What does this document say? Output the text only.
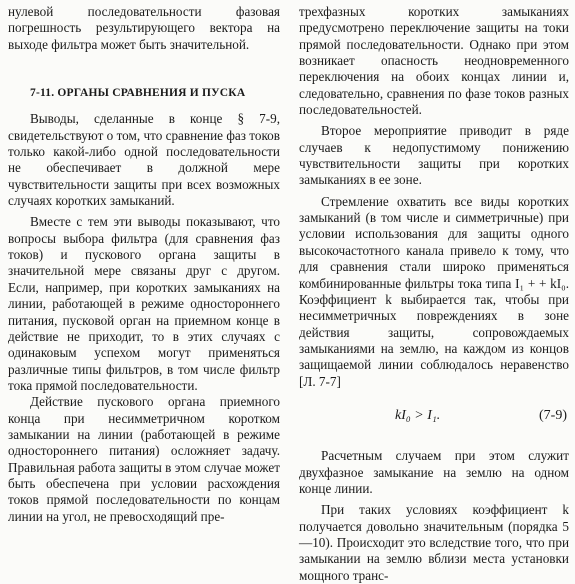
нулевой последовательности фазовая погрешность результирующего вектора на выходе фильтра может быть значительной.

7-11. ОРГАНЫ СРАВНЕНИЯ И ПУСКА

Выводы, сделанные в конце § 7-9, свидетельствуют о том, что сравнение фаз токов только какой-либо одной последовательности не обеспечивает в должной мере чувствительности защиты при всех возможных случаях коротких замыканий.

Вместе с тем эти выводы показывают, что вопросы выбора фильтра (для сравнения фаз токов) и пускового органа защиты в значительной мере связаны друг с другом. Если, например, при коротких замыканиях на линии, работающей в режиме одностороннего питания, пусковой орган на приемном конце в действие не приходит, то в этих случаях с одинаковым успехом могут применяться различные типы фильтров, в том числе фильтр тока прямой последовательности.

Действие пускового органа приемного конца при несимметричном коротком замыкании на линии (работающей в режиме одностороннего питания) осложняет задачу. Правильная работа защиты в этом случае может быть обеспечена при условии расхождения токов прямой последовательности по концам линии на угол, не превосходящий пре-

трехфазных коротких замыканиях предусмотрено переключение защиты на токи прямой последовательности. Однако при этом возникает опасность неодновременного переключения на обоих концах линии и, следовательно, сравнения по фазе токов разных последовательностей.

Второе мероприятие приводит в ряде случаев к недопустимому понижению чувствительности защиты при коротких замыканиях в ее зоне.

Стремление охватить все виды коротких замыканий (в том числе и симметричные) при условии использования для защиты одного высокочастотного канала привело к тому, что для сравнения стали широко применяться комбинированные фильтры тока типа I₁ + + kI₀. Коэффициент k выбирается так, чтобы при несимметричных повреждениях в зоне действия защиты, сопровождаемых замыканиями на землю, на каждом из концов защищаемой линии соблюдалось неравенство [Л. 7-7]

kI₀ > I₁.	(7-9)

Расчетным случаем при этом служит двухфазное замыкание на землю на одном конце линии.

При таких условиях коэффициент k получается довольно значительным (порядка 5—10). Происходит это вследствие того, что при замыкании на землю вблизи места установки мощного транс-
